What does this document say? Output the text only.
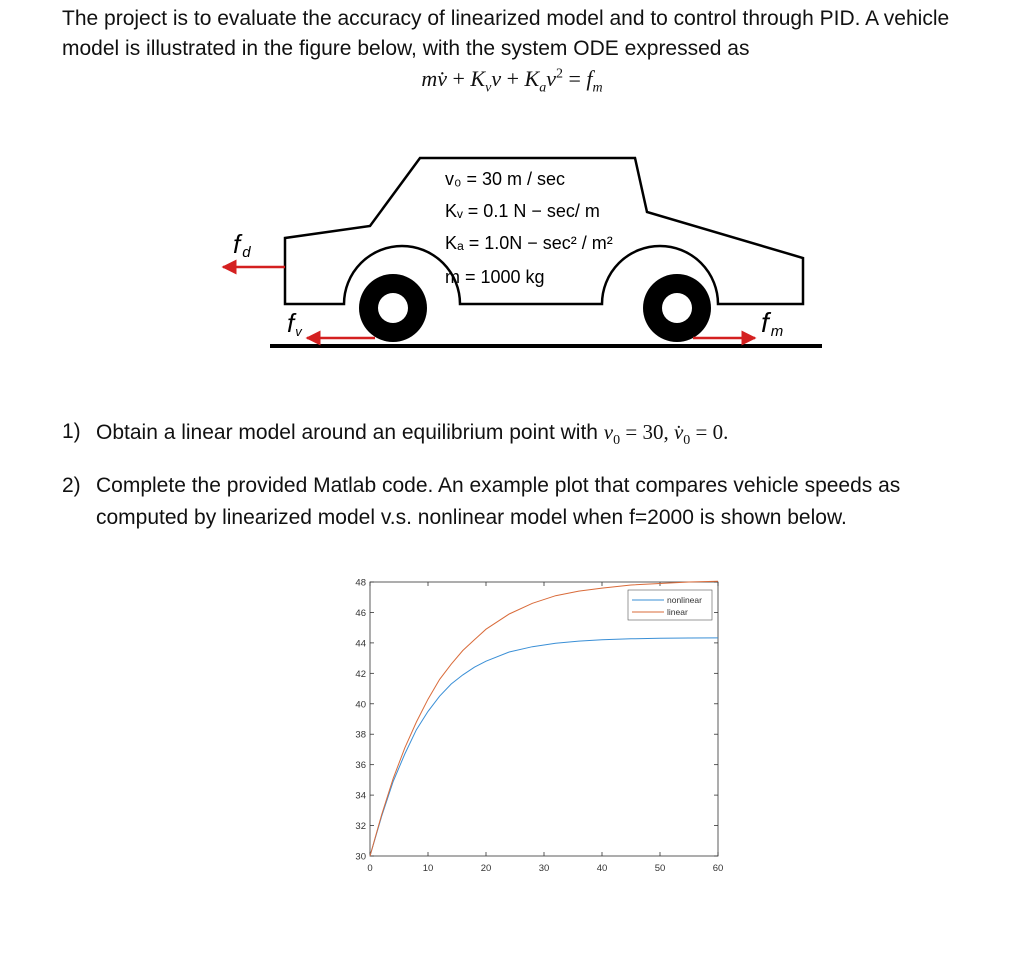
The project is to evaluate the accuracy of linearized model and to control through PID. A vehicle model is illustrated in the figure below, with the system ODE expressed as

mv̇ + $K_vv + K_av^2 = f_m$
v₀ = 30 m / sec
Kᵥ = 0.1 N − sec/ m
Kₐ = 1.0N − sec² / m²
m = 1000 kg
fd
fv	fm
1) Obtain a linear model around an equilibrium point with $v_0 = 30$, $v̇_0 = 0$.
2) Complete the provided Matlab code. An example plot that compares vehicle speeds as computed by linearized model v.s. nonlinear model when f=2000 is shown below.
0	10	20	30	40	50	60
30
32
34
36
38
40
42
44
46
48
nonlinear
linear
